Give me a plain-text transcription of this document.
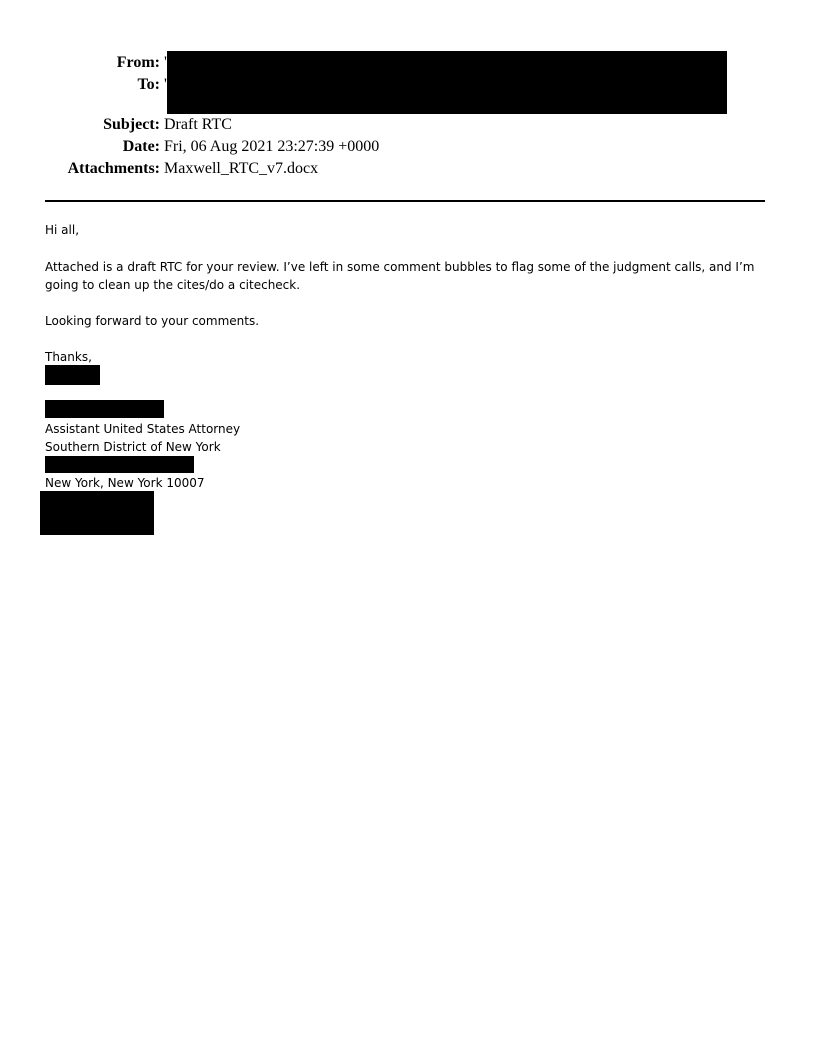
From: '
To: '
Subject: Draft RTC
Date: Fri, 06 Aug 2021 23:27:39 +0000
Attachments: Maxwell_RTC_v7.docx
Hi all,
Attached is a draft RTC for your review. I’ve left in some comment bubbles to flag some of the judgment calls, and I’m
going to clean up the cites/do a citecheck.
Looking forward to your comments.
Thanks,
Assistant United States Attorney
Southern District of New York
New York, New York 10007
